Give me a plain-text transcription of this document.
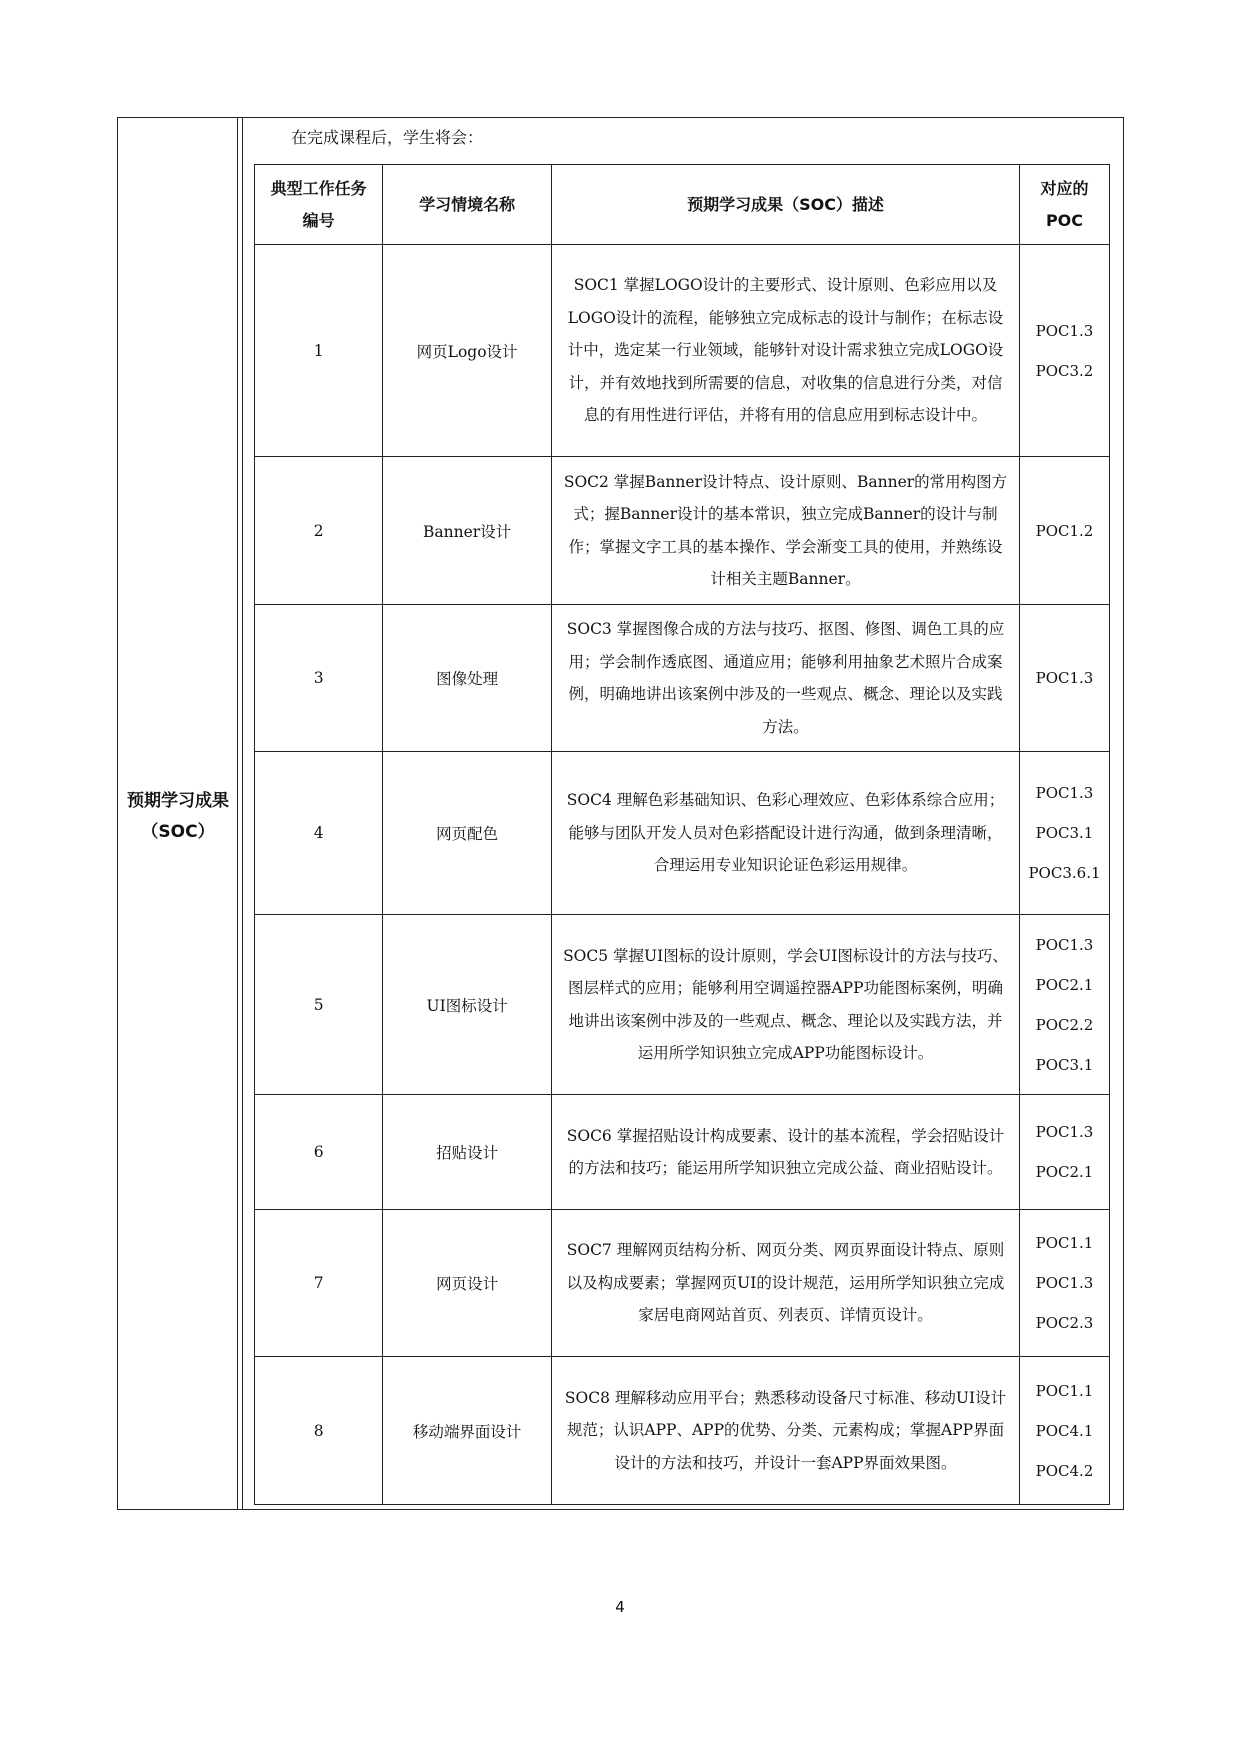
预期学习成果（SOC）
在完成课程后，学生将会：
典型工作任务编号	学习情境名称	预期学习成果（SOC）描述	对应的POC
1	网页Logo设计	SOC1 掌握LOGO设计的主要形式、设计原则、色彩应用以及LOGO设计的流程，能够独立完成标志的设计与制作；在标志设计中，选定某一行业领域，能够针对设计需求独立完成LOGO设计，并有效地找到所需要的信息，对收集的信息进行分类，对信息的有用性进行评估，并将有用的信息应用到标志设计中。	POC1.3
POC3.2

2	Banner设计	SOC2 掌握Banner设计特点、设计原则、Banner的常用构图方式；握Banner设计的基本常识，独立完成Banner的设计与制作；掌握文字工具的基本操作、学会渐变工具的使用，并熟练设计相关主题Banner。	POC1.2

3	图像处理	SOC3 掌握图像合成的方法与技巧、抠图、修图、调色工具的应用；学会制作透底图、通道应用；能够利用抽象艺术照片合成案例，明确地讲出该案例中涉及的一些观点、概念、理论以及实践方法。	POC1.3

4	网页配色	SOC4 理解色彩基础知识、色彩心理效应、色彩体系综合应用；能够与团队开发人员对色彩搭配设计进行沟通，做到条理清晰，合理运用专业知识论证色彩运用规律。	POC1.3
POC3.1
POC3.6.1

5	UI图标设计	SOC5 掌握UI图标的设计原则，学会UI图标设计的方法与技巧、图层样式的应用；能够利用空调遥控器APP功能图标案例，明确地讲出该案例中涉及的一些观点、概念、理论以及实践方法，并运用所学知识独立完成APP功能图标设计。	POC1.3
POC2.1
POC2.2
POC3.1

6	招贴设计	SOC6 掌握招贴设计构成要素、设计的基本流程，学会招贴设计的方法和技巧；能运用所学知识独立完成公益、商业招贴设计。	POC1.3
POC2.1

7	网页设计	SOC7 理解网页结构分析、网页分类、网页界面设计特点、原则以及构成要素；掌握网页UI的设计规范，运用所学知识独立完成家居电商网站首页、列表页、详情页设计。	POC1.1
POC1.3
POC2.3

8	移动端界面设计	SOC8 理解移动应用平台；熟悉移动设备尺寸标准、移动UI设计规范；认识APP、APP的优势、分类、元素构成；掌握APP界面设计的方法和技巧，并设计一套APP界面效果图。	POC1.1
POC4.1
POC4.2
4
